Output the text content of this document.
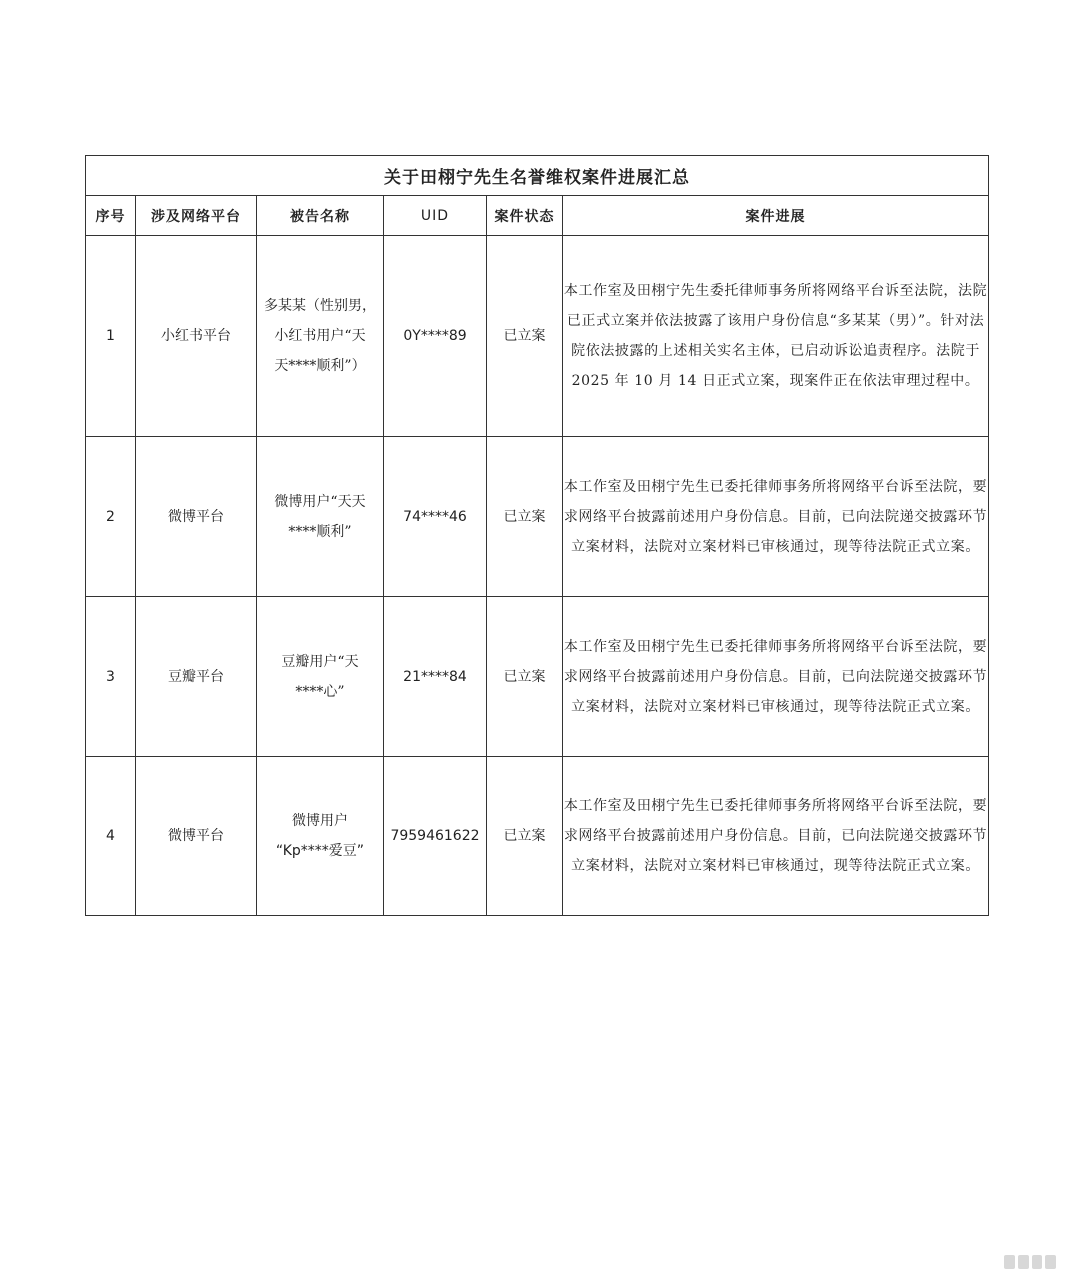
关于田栩宁先生名誉维权案件进展汇总					
序号	涉及网络平台	被告名称	UID	案件状态	案件进展
1	小红书平台	多某某（性别男，
小红书用户“天
天****顺利”）	0Y****89	已立案	本工作室及田栩宁先生委托律师事务所将网络平台诉至法院，法院已正式立案并依法披露了该用户身份信息“多某某（男）”。针对法院依法披露的上述相关实名主体，已启动诉讼追责程序。法院于 2025 年 10 月 14 日正式立案，现案件正在依法审理过程中。
2	微博平台	微博用户“天天
****顺利”	74****46	已立案	本工作室及田栩宁先生已委托律师事务所将网络平台诉至法院，要求网络平台披露前述用户身份信息。目前，已向法院递交披露环节立案材料，法院对立案材料已审核通过，现等待法院正式立案。
3	豆瓣平台	豆瓣用户“天
****心”	21****84	已立案	本工作室及田栩宁先生已委托律师事务所将网络平台诉至法院，要求网络平台披露前述用户身份信息。目前，已向法院递交披露环节立案材料，法院对立案材料已审核通过，现等待法院正式立案。
4	微博平台	微博用户
“Kp****爱豆”	7959461622	已立案	本工作室及田栩宁先生已委托律师事务所将网络平台诉至法院，要求网络平台披露前述用户身份信息。目前，已向法院递交披露环节立案材料，法院对立案材料已审核通过，现等待法院正式立案。
